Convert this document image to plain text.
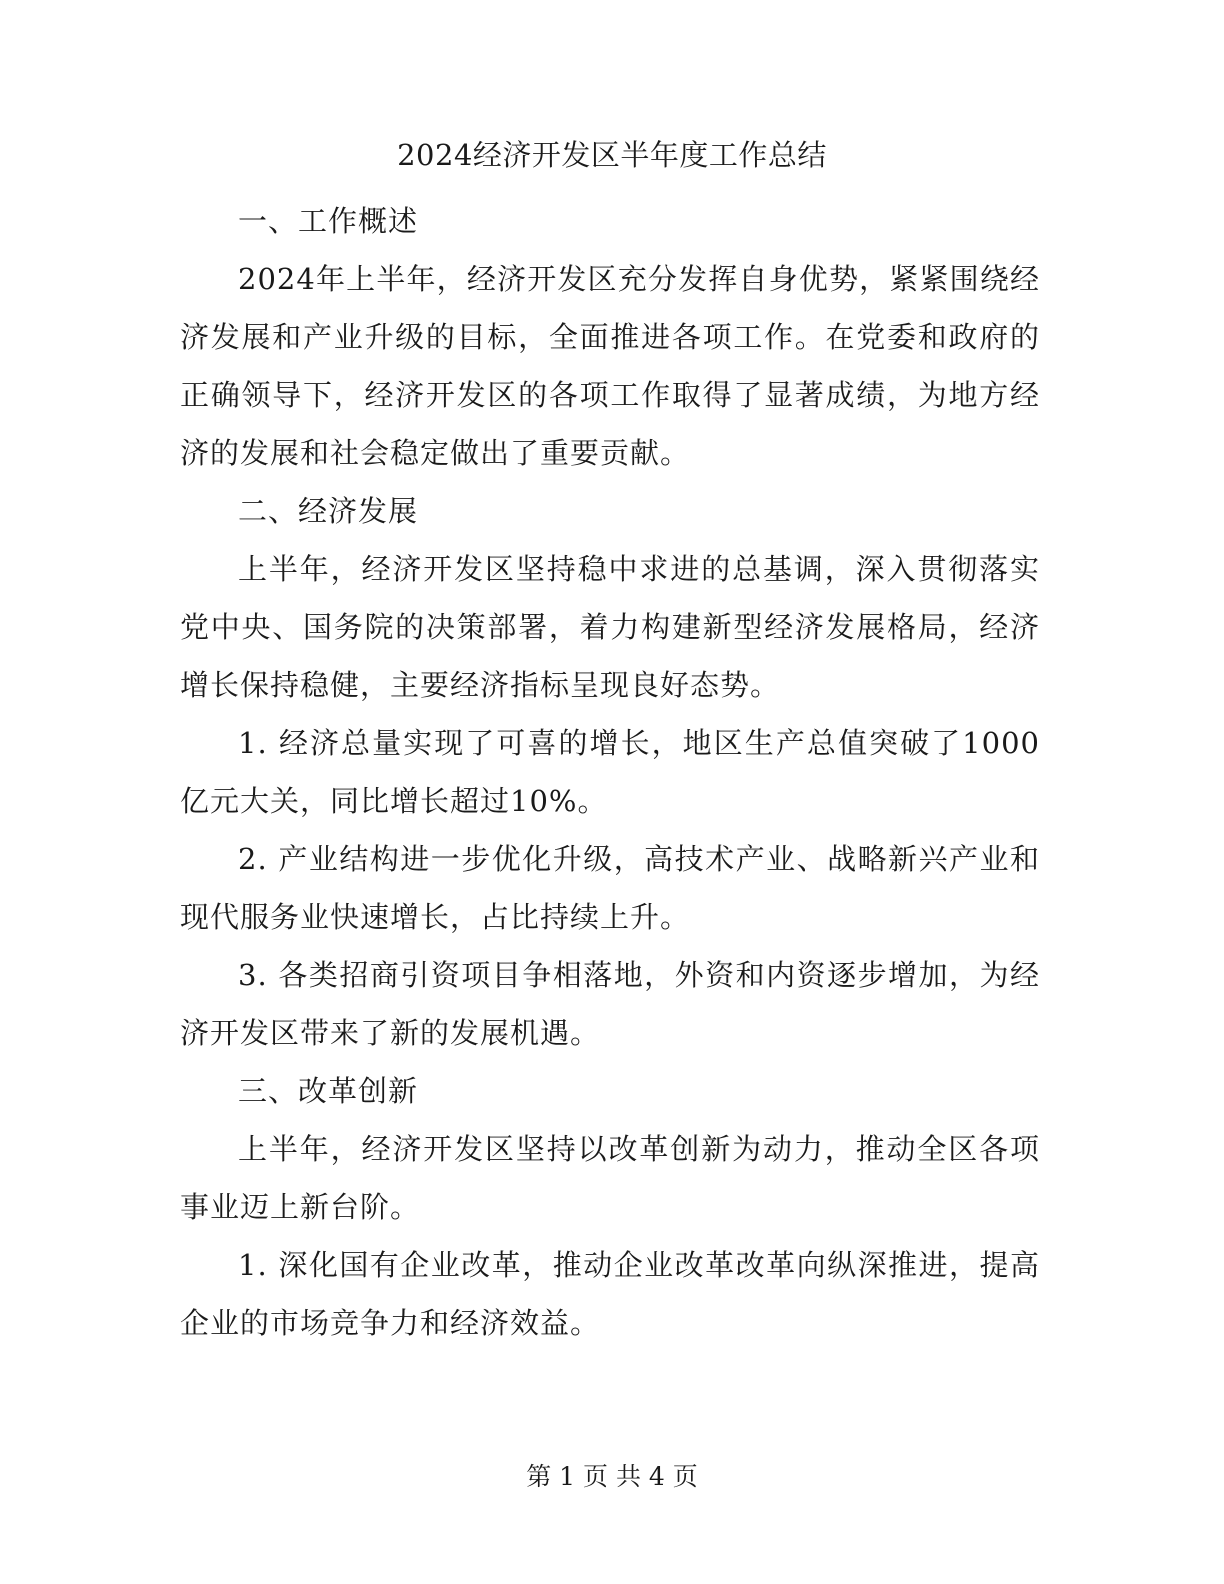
2024经济开发区半年度工作总结

一、工作概述

2024年上半年，经济开发区充分发挥自身优势，紧紧围绕经济发展和产业升级的目标，全面推进各项工作。在党委和政府的正确领导下，经济开发区的各项工作取得了显著成绩，为地方经济的发展和社会稳定做出了重要贡献。

二、经济发展

上半年，经济开发区坚持稳中求进的总基调，深入贯彻落实党中央、国务院的决策部署，着力构建新型经济发展格局，经济增长保持稳健，主要经济指标呈现良好态势。

1. 经济总量实现了可喜的增长，地区生产总值突破了1000亿元大关，同比增长超过10%。

2. 产业结构进一步优化升级，高技术产业、战略新兴产业和现代服务业快速增长，占比持续上升。

3. 各类招商引资项目争相落地，外资和内资逐步增加，为经济开发区带来了新的发展机遇。

三、改革创新

上半年，经济开发区坚持以改革创新为动力，推动全区各项事业迈上新台阶。

1. 深化国有企业改革，推动企业改革改革向纵深推进，提高企业的市场竞争力和经济效益。

第 1 页 共 4 页
